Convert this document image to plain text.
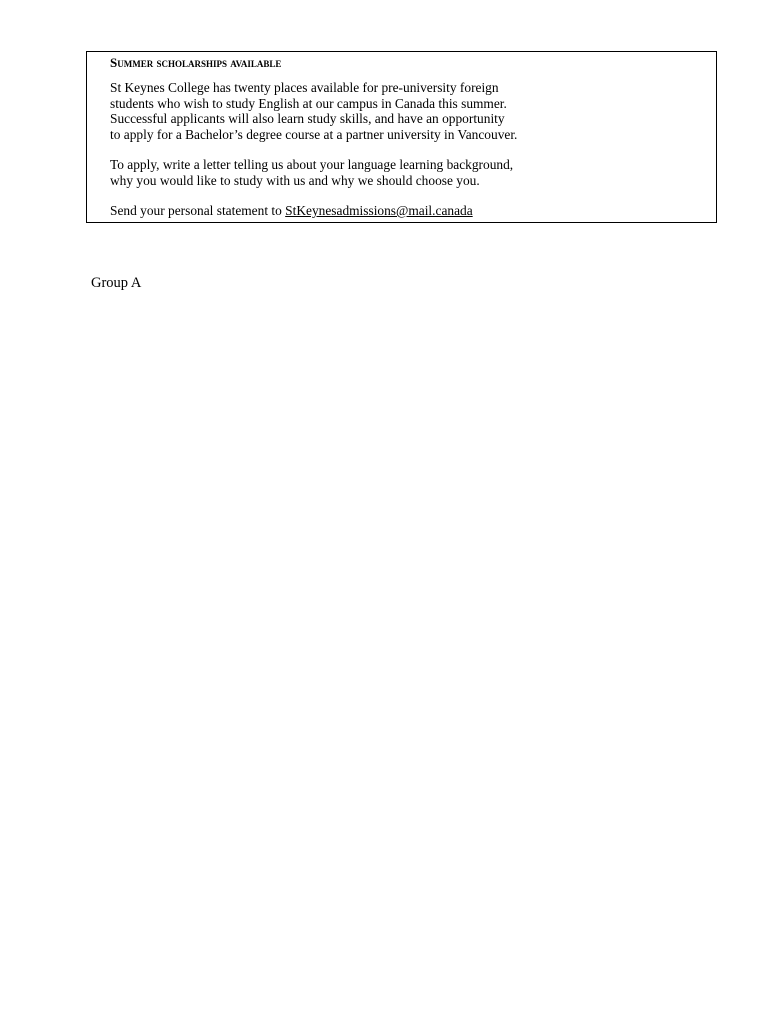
Summer scholarships available

St Keynes College has twenty places available for pre-university foreign
students who wish to study English at our campus in Canada this summer.
Successful applicants will also learn study skills, and have an opportunity
to apply for a Bachelor’s degree course at a partner university in Vancouver.

To apply, write a letter telling us about your language learning background,
why you would like to study with us and why we should choose you.

Send your personal statement to StKeynesadmissions@mail.canada

Group A
